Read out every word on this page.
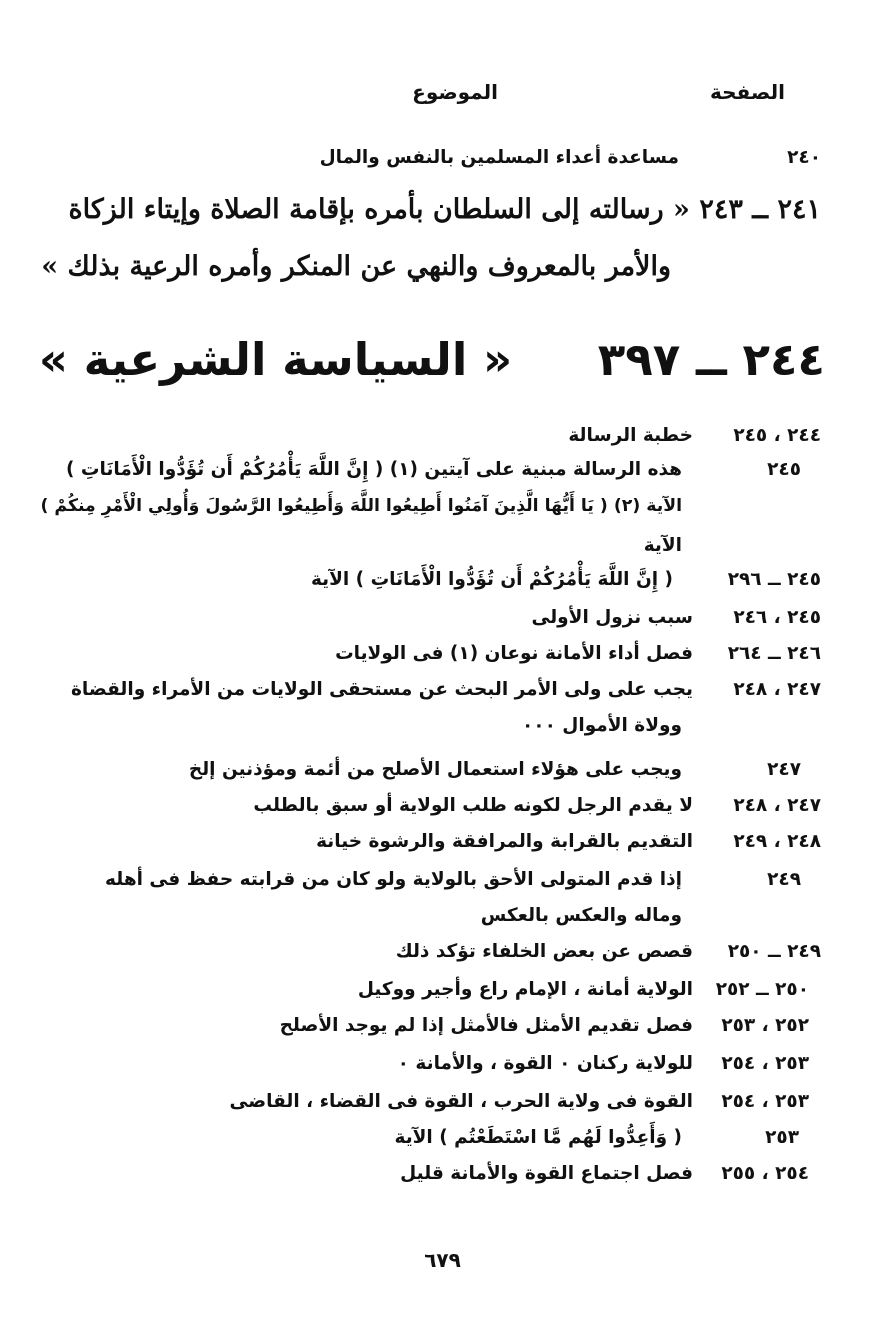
الصفحة
الموضوع
٢٤٠
مساعدة أعداء المسلمين بالنفس والمال
٢٤١ ــ ٢٤٣ « رسالته إلى السلطان بأمره بإقامة الصلاة وإيتاء الزكاة
والأمر بالمعروف والنهي عن المنكر وأمره الرعية بذلك »
٢٤٤ ــ ٣٩٧ « السياسة الشرعية »
٢٤٤ ، ٢٤٥
خطبة الرسالة
٢٤٥
هذه الرسالة مبنية على آيتين (١) ( إِنَّ اللَّهَ يَأْمُرُكُمْ أَن تُؤَدُّوا الْأَمَانَاتِ )
الآية (٢) ( يَا أَيُّهَا الَّذِينَ آمَنُوا أَطِيعُوا اللَّهَ وَأَطِيعُوا الرَّسُولَ وَأُولِي الْأَمْرِ مِنكُمْ )
الآية
٢٤٥ ــ ٢٩٦
( إِنَّ اللَّهَ يَأْمُرُكُمْ أَن تُؤَدُّوا الْأَمَانَاتِ ) الآية
٢٤٥ ، ٢٤٦
سبب نزول الأولى
٢٤٦ ــ ٢٦٤
فصل أداء الأمانة نوعان (١) فى الولايات
٢٤٧ ، ٢٤٨
يجب على ولى الأمر البحث عن مستحقى الولايات من الأمراء والقضاة
وولاة الأموال ٠٠٠
٢٤٧
ويجب على هؤلاء استعمال الأصلح من أئمة ومؤذنين إلخ
٢٤٧ ، ٢٤٨
لا يقدم الرجل لكونه طلب الولاية أو سبق بالطلب
٢٤٨ ، ٢٤٩
التقديم بالقرابة والمرافقة والرشوة خيانة
٢٤٩
إذا قدم المتولى الأحق بالولاية ولو كان من قرابته حفظ فى أهله
وماله والعكس بالعكس
٢٤٩ ــ ٢٥٠
قصص عن بعض الخلفاء تؤكد ذلك
٢٥٠ ــ ٢٥٢
الولاية أمانة ، الإمام راع وأجير ووكيل
٢٥٢ ، ٢٥٣
فصل تقديم الأمثل فالأمثل إذا لم يوجد الأصلح
٢٥٣ ، ٢٥٤
للولاية ركنان ٠ القوة ، والأمانة ٠
٢٥٣ ، ٢٥٤
القوة فى ولاية الحرب ، القوة فى القضاء ، القاضى
٢٥٣
( وَأَعِدُّوا لَهُم مَّا اسْتَطَعْتُم ) الآية
٢٥٤ ، ٢٥٥
فصل اجتماع القوة والأمانة قليل
٦٧٩
